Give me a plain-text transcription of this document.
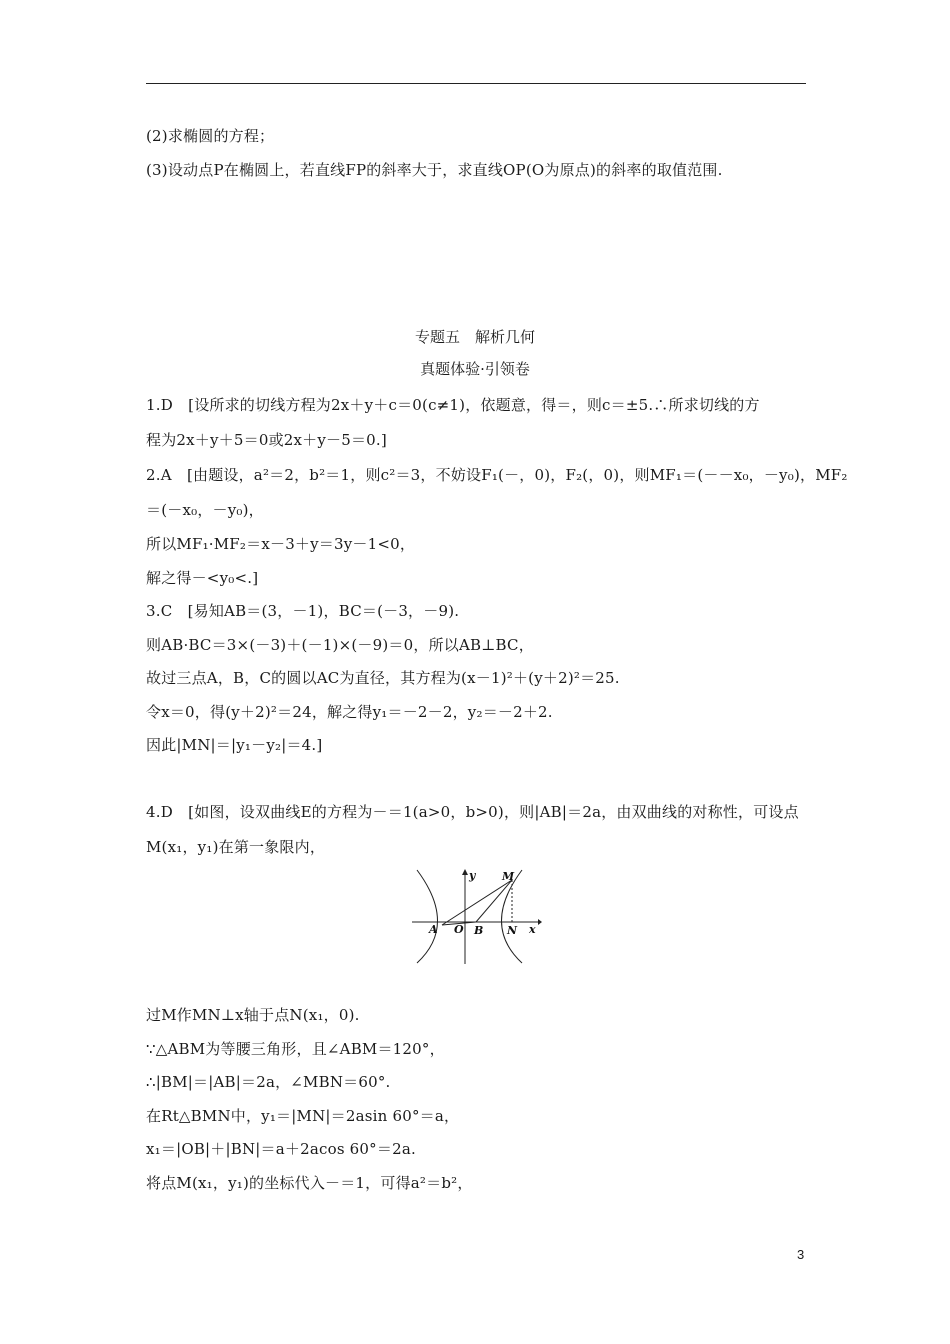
(2)求椭圆的方程；
(3)设动点P在椭圆上，若直线FP的斜率大于，求直线OP(O为原点)的斜率的取值范围.
专题五　解析几何
真题体验·引领卷
1.D　[设所求的切线方程为2x＋y＋c＝0(c≠1)，依题意，得＝，则c＝±5.∴所求切线的方
程为2x＋y＋5＝0或2x＋y－5＝0.]
2.A　[由题设，a²＝2，b²＝1，则c²＝3，不妨设F₁(－，0)，F₂(，0)，则MF₁＝(－－x₀，－y₀)，MF₂
＝(－x₀，－y₀)，
所以MF₁·MF₂＝x－3＋y＝3y－1<0，
解之得－<y₀<.]
3.C　[易知AB＝(3，－1)，BC＝(－3，－9).
则AB·BC＝3×(－3)＋(－1)×(－9)＝0，所以AB⊥BC，
故过三点A，B，C的圆以AC为直径，其方程为(x－1)²＋(y＋2)²＝25.
令x＝0，得(y＋2)²＝24，解之得y₁＝－2－2，y₂＝－2＋2.
因此|MN|＝|y₁－y₂|＝4.]
4.D　[如图，设双曲线E的方程为－＝1(a>0，b>0)，则|AB|＝2a，由双曲线的对称性，可设点
M(x₁，y₁)在第一象限内，
A O B N
M
x
y
过M作MN⊥x轴于点N(x₁，0).
∵△ABM为等腰三角形，且∠ABM＝120°，
∴|BM|＝|AB|＝2a，∠MBN＝60°.
在Rt△BMN中，y₁＝|MN|＝2asin 60°＝a，
x₁＝|OB|＋|BN|＝a＋2acos 60°＝2a.
将点M(x₁，y₁)的坐标代入－＝1，可得a²＝b²，
3
